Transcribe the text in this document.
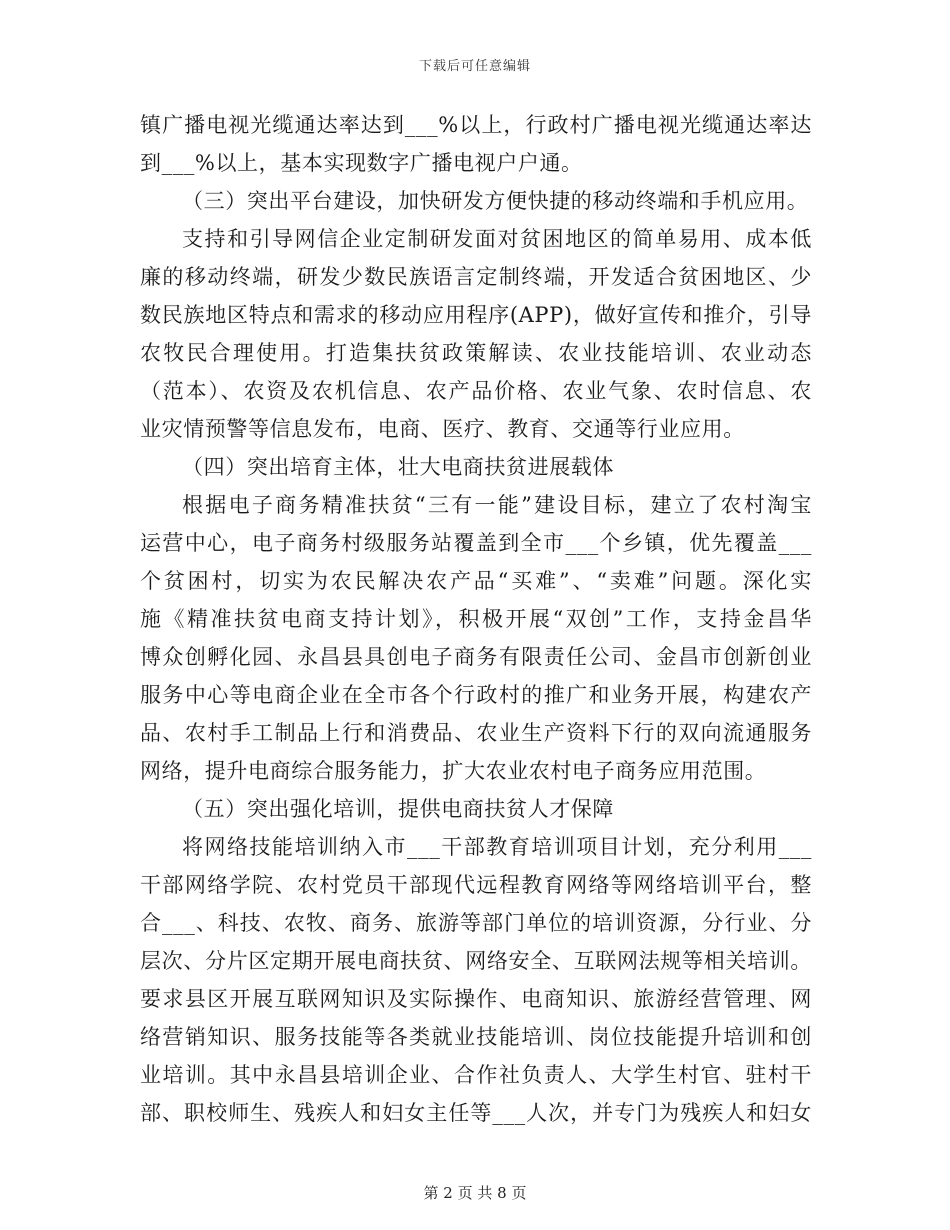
下载后可任意编辑
镇广播电视光缆通达率达到___%以上，行政村广播电视光缆通达率达
到___%以上，基本实现数字广播电视户户通。
（三）突出平台建设，加快研发方便快捷的移动终端和手机应用。
支持和引导网信企业定制研发面对贫困地区的简单易用、成本低
廉的移动终端，研发少数民族语言定制终端，开发适合贫困地区、少
数民族地区特点和需求的移动应用程序(APP)，做好宣传和推介，引导
农牧民合理使用。打造集扶贫政策解读、农业技能培训、农业动态
（范本）、农资及农机信息、农产品价格、农业气象、农时信息、农
业灾情预警等信息发布，电商、医疗、教育、交通等行业应用。
（四）突出培育主体，壮大电商扶贫进展载体
根据电子商务精准扶贫“三有一能”建设目标，建立了农村淘宝
运营中心，电子商务村级服务站覆盖到全市___个乡镇，优先覆盖___
个贫困村，切实为农民解决农产品“买难”、“卖难”问题。深化实
施《精准扶贫电商支持计划》，积极开展“双创”工作，支持金昌华
博众创孵化园、永昌县具创电子商务有限责任公司、金昌市创新创业
服务中心等电商企业在全市各个行政村的推广和业务开展，构建农产
品、农村手工制品上行和消费品、农业生产资料下行的双向流通服务
网络，提升电商综合服务能力，扩大农业农村电子商务应用范围。
（五）突出强化培训，提供电商扶贫人才保障
将网络技能培训纳入市___干部教育培训项目计划，充分利用___
干部网络学院、农村党员干部现代远程教育网络等网络培训平台，整
合___、科技、农牧、商务、旅游等部门单位的培训资源，分行业、分
层次、分片区定期开展电商扶贫、网络安全、互联网法规等相关培训。
要求县区开展互联网知识及实际操作、电商知识、旅游经营管理、网
络营销知识、服务技能等各类就业技能培训、岗位技能提升培训和创
业培训。其中永昌县培训企业、合作社负责人、大学生村官、驻村干
部、职校师生、残疾人和妇女主任等___人次，并专门为残疾人和妇女
第 2 页 共 8 页
